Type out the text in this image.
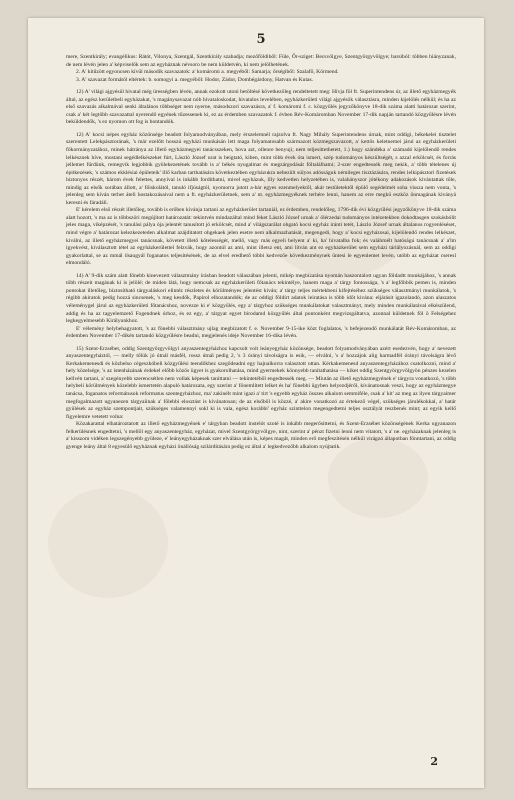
5

mere, Szentkirály; evangélikus: Rátót, Vilonya, Szentgál, Szentkirály szabadja; mezőföldiből: Füle, Őr-sziget: Becsvölgye, Szentgyörgyvölgye; barsiból: többen hiányzanak, de nem lévén jelen a' képviselők sem az egyháznak névsoro be nem küldetvén, ki nem jelölhetének.

2. A' kitűzött egyoncsen kívül második szavazatok: a' komáromi a. megyéből: Samarja; őrségiből: Szalafő, Körmend.

3. A' szavazat formától eltértek: b. somogyi a. megyéből: Hodor, Zádor, Dombégárdony, Hatvan és Kutas.

12) A' világi ajgyésül hivatal még ürességben lévén, annak ezokott utoni betöltésé következőleg rendeltetett meg: Hívja föl ft. Superintendens úr, az illető egyházmegyék által, az egész kerületbeli egyházakat, 's magánysavazat nób hivataloskodat, hivatalos levelében, egyházkerületi világi ajgyésök választásra, minden kijelölés nélkül; és ha az első szavazás alkalmával senki általános többséget nem nyerne, másodszori szavazásra, a' f. komáromi f. c. közgyűlés jegyzőkönyve 18-dik száma alatti határozat szerint, csak a' két legtöbb szavazattal nyerendő egyének tűzessenek ki, ez az érdemben szavazatok f. évben Rév-Komáromban November 17-dik napján tartandó közgyűlésre lévén beküldendők, 's ez nyomon ott fog is bontandók.

12) A' kocsi népes egyház közönsége beadott folyamodványában, mely érszelemnél rajzolva ft. Nagy Mihály Superintendens úrnak, mint oddigi, békekelei tisztelet szerentett Lelekpásztorának, 's már ezelőtt hosszú egyházi munkásán lett maga folyamatosabb származott közmegszavazott, a' kettős keletnemei járul az egyházkerületi főkormányzatához, minek hátránya az illető egyházmegyei tanácsszeken, hova azt, ollenre benyuji; nem teljesíttethetett, 1.) hogy szándéka a' számadó kijelölendő rendes lelkésznek híve, mostani segédlelkészeket fúrt, László József urat is beigtató, kiben, mint több évek óta ismert, szép tudományos készültségét, s azzal erkölcsét, és forrás jellemet fürdünk, remegvik legjobbik gyülekezetének tovább is a' békés nyugalmat és megzárgodását föltalálhatni; 2-szer engedtessék meg nekik, a' több tételenes új épitkezések, 's számos ekklésiai épületeik' illő karban tarthatására következtében egyházukra nehezült súlyos adósságuk némileges tisztázására, rendes lelkipásztori fizetések biztonyos részét, három évek felettes, annyival is inkább fordíthatni, mivel egyházuk, illy kedvetlen helyzetében is, valahányszor jótékony adakozások kivántattak tőle, mindig az elsők sorában állott, a' főiskolától, tanuló ifjúságtól, nyomorra jutott a-bár egyes ezenmelyektől, akár testületektől épülő segédelmét soha vissza nem vonta, 's jelenleg sem kíván terhet áteli hostakozásaival nem a ft. egyházkerületnek, sem a' nt. egyházmegyéknek terhére lenni, hanem az erre megkü eszköz önmagának kiványá keresni és fáradáli.

E' kérelem első részét illetőleg, tovább is erőben kívánja tartani az egyházkerület tartaniál, ez érdemben, rendelőleg, 1796-dik évi közgyűlési jegyzőkönyve 18-dik száma alatt hozott, 's ma az is többszöri megújított határozatát: tekintvén mindazáltal mind feket László József urnak a' ölérzedai tudományos intézetekben dokodtasgen szokásbólit jeles maga, viképzését, 's tanulási pálya ója jelentét tanusított jó erkölcsét, mind a' világszarálat ohgató kocsi egyház iránti tetét, Lászlo József urnak általanos rogyenléséset, mind végre a' határozat kelezkezeteden alkalmat azájditatott ohgekaek jelen esetre nem alkalmazhatását, megengedi, hogy a' kocsi egyházosai, kijelölendő rendes lelkészet, kiválni, az illető egyházmegyei tanácsnak, követett illető kötelességét, mellő, vagy más egyeli belyent a' ki, ha' hivatalba fok; és valáhmélt hatóságú tanácsnak a' a'lm igyekvést, kiválasztott tétel az egyházkerülettel felzvák, hogy azontúl az ami, mint illetsz ent, ami lítván ant ez egyházkerület sem egyházi tárlályozásnál, sem az oddigi gyakorlattal, se az mmál ilsaugyál foganatos teljesítésének, de az elvel eredhető tóbbi kedvezőe következménynek üntesi le egyenlemet levén, utóbb az egyházat cseresl elmondáló.

14) A' 9-dik szám alatt fönebb kinevezett választmány írásban beadott válaszában jelenti, mikép megbízatása nyomán haszontalott ugyan földadtt munkájához, 's annak több részeit magának ki is jelölé; de miden látá, hogy nemcsak az egyházkerületi főtanács tekintélye, hanem maga a' tárgy fontossága, 's a' legfőbbik pemen is, minden pontokat illetőleg, biztosítható tárgyaláskori elintéz részletes és körülményes jelentést kíván; a' tárgy teljes mértekbeni kifejtéséhez szükséges választmányi munkálatok, 's régibb akiratok pedig hozzá sincsenek, 's meg kesdők, Papirol elhozatandók; de az oddigi földírt adatok leiratása is több időt kivána: eljárásit igazolandó, azon alaszatos véleménygel járul az egyházkerületi főtanácshoz, novezze ki e' közgyűlés, egy a' tárgyhoz szükséges munkálatokat valasztmányt, mely minden munkálatával elkészülend, addig és ha az tagyelemzető Fogendnek úrhoz, és ez egy, a' tárgyat egyet birodamd közgyűlés által pontonként megvizsgáltatva, azonnal küldetnek föl ö Felségehez legkegyelmesebb Királyunkhoz.

E' vélemény helybehagyatott, 's az fönebbi választmány ujlag megbízatott f. e. November 9-15-ike közt foglalatos, 's befejezendő munkálatát Rév-Komáromban, az érdemben November 17-dikén tartandó közgyűlésre beadni, megjelenés ideje November 16-dika lévén.

15) Szent-Erzsébet, oddig Szentgyörgyvölgyi anyaszentegyházhoz kapcsolt volt leányegyház közönsége, beadott folyamodványában azért esedezvén, hogy a' nevezett anyaszentegyháztól, — melly tőlük jó útnál másfél, rossz útnál pedig 2, 's 3 órányi távolságra is esik, — elválni, 's a' hozzájok alig harmadfél órányi távolságra lévő Kerkakemenesdi és közbelso cégeszkóbeli közgyűlési teendőkhez szegődeadni egy hajnalkorra valasztott ottan. Kérkakemenesd anyaszentegyházához csatolkozni, mind a' hely közelsége, 's az istenházának érdekel előbb közös ügyet is gyakorolhatása, mind gyermekek könnyebb tanítathatása — kiket oddig Szentgyörgyvölgyön pénzes kezelen kellvén tartani, a' szegényebb szerencsétlen nem vollak képesek taníttatni — tekintetéből engedtessék meg. — Miután az illető egyházmegyének e' tárgyra vonatkozó, 's több helybeli körülmények közelebb ismertetén alapuló határozata, egy szerint a' fönemlített lelket és ha' fönebbi ügyben helyezdjéről, kívánatosnak veszi, hogy az egyházmegye tanácsa, foganatos reformátusok reformatus szentegyházhoz, ma' zakinélt mint igazi a' tirt 's egyebb egyház összes alkalom semmiféle, csak a' kit' az meg az ilyen tárgyaimer megfogalmazott ugyanezen tárgyaiinak a' fölebbi elosztást is kívánatosan; de az elsőből is közzé, a' akire vonatkozó az értekező végel, szükséges járulékokkal, a' határ gyülések az egyház szempontjait, szükséges valamennyi sokl ki is vala, egész korábbi' egyház szinttelon megengedtetni teljes osztályát reszbenés mint; az egyik kellő figyelemre vetetett volna:

Közakarattal elhatároztatott az illető egyházmegyének e' tárgyban beadott instelót szoté is inkább megerősittetni, és Szent-Erzsébet közönségének Kerka ugyanazon felkerülésnek engedtetni, 's mellől egy anyaszentegyház, egyházat, mivel Szentgyörgyvölgye, nint, szerint a' pénzt fizetni lenni nem vitatott, 's a' ne. egyházaknak jelenleg is a' kisszom vidéken legszegényebb gyüleze, e' leányegyházaknak szer elválása után is, képes magát, minden erő megfeszítésén nélkül virágzó állapotban fönntartani, az oddig gyenge leány által 8 egyesülő egyháznak egyházi önállóság szilárdítására pedig ez által a' legkedvezőbb alkalom nyújtatik.

2
